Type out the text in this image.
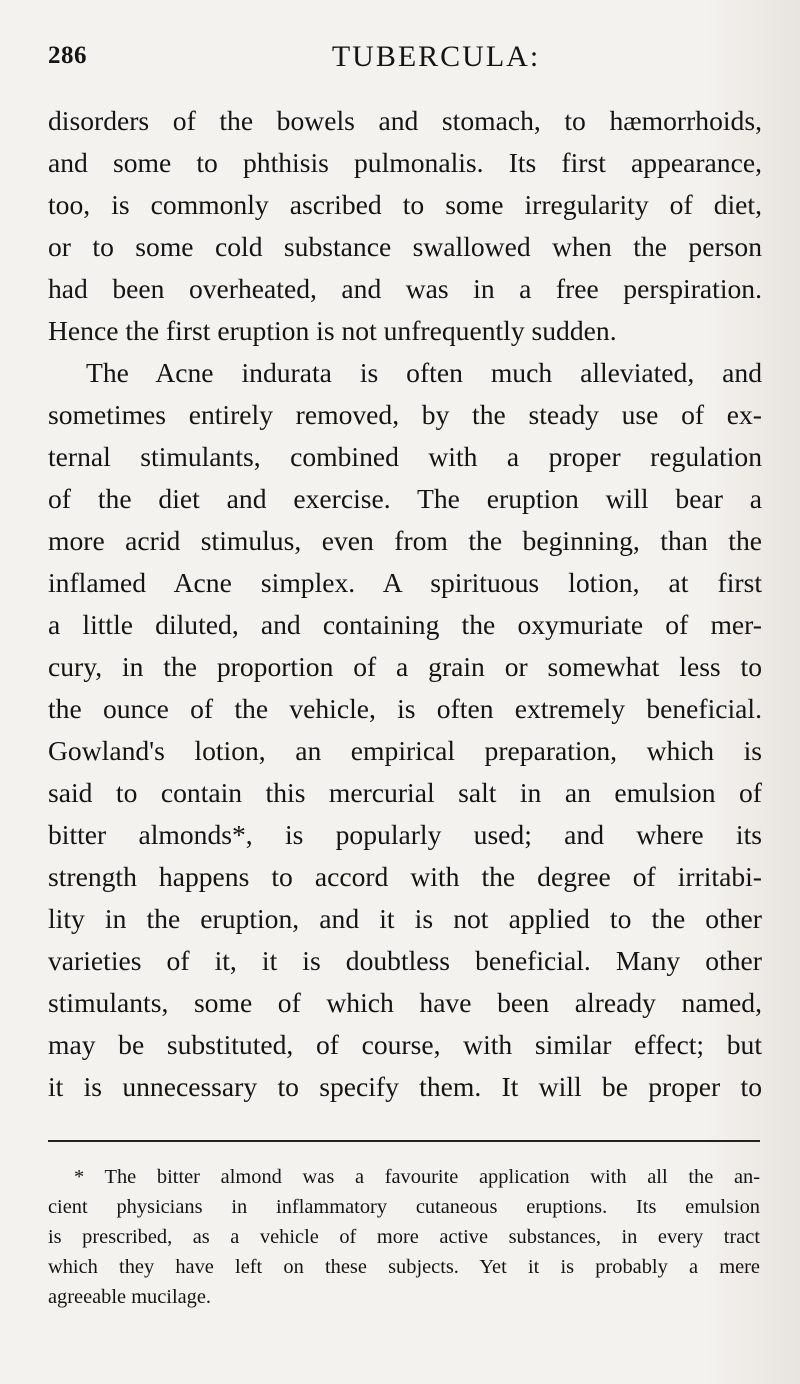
286	TUBERCULA:
disorders of the bowels and stomach, to hæmorrhoids,
and some to phthisis pulmonalis. Its first appearance,
too, is commonly ascribed to some irregularity of diet,
or to some cold substance swallowed when the person
had been overheated, and was in a free perspiration.
Hence the first eruption is not unfrequently sudden.
The Acne indurata is often much alleviated, and
sometimes entirely removed, by the steady use of ex-
ternal stimulants, combined with a proper regulation
of the diet and exercise. The eruption will bear a
more acrid stimulus, even from the beginning, than the
inflamed Acne simplex. A spirituous lotion, at first
a little diluted, and containing the oxymuriate of mer-
cury, in the proportion of a grain or somewhat less to
the ounce of the vehicle, is often extremely beneficial.
Gowland's lotion, an empirical preparation, which is
said to contain this mercurial salt in an emulsion of
bitter almonds*, is popularly used; and where its
strength happens to accord with the degree of irritabi-
lity in the eruption, and it is not applied to the other
varieties of it, it is doubtless beneficial. Many other
stimulants, some of which have been already named,
may be substituted, of course, with similar effect; but
it is unnecessary to specify them. It will be proper to
* The bitter almond was a favourite application with all the an-
cient physicians in inflammatory cutaneous eruptions. Its emulsion
is prescribed, as a vehicle of more active substances, in every tract
which they have left on these subjects. Yet it is probably a mere
agreeable mucilage.
